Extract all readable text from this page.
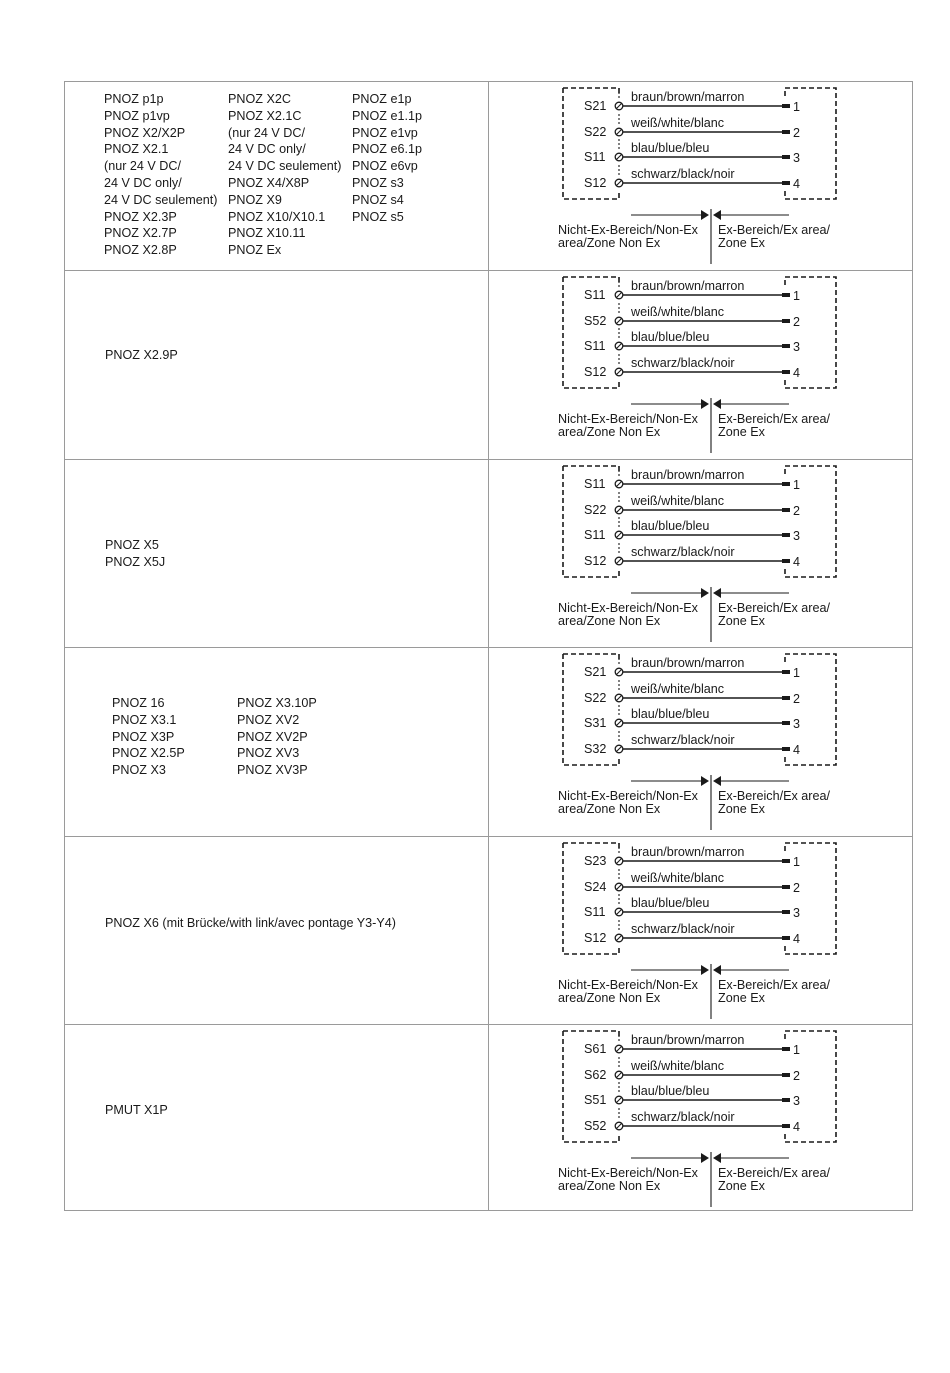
PNOZ p1p
PNOZ p1vp
PNOZ X2/X2P
PNOZ X2.1
(nur 24 V DC/
24 V DC only/
24 V DC seulement)
PNOZ X2.3P
PNOZ X2.7P
PNOZ X2.8P
PNOZ X2C
PNOZ X2.1C
(nur 24 V DC/
24 V DC only/
24 V DC seulement)
PNOZ X4/X8P
PNOZ X9
PNOZ X10/X10.1
PNOZ X10.11
PNOZ Ex
PNOZ e1p
PNOZ e1.1p
PNOZ e1vp
PNOZ e6.1p
PNOZ e6vp
PNOZ s3
PNOZ s4
PNOZ s5
S21
braun/brown/marron
1
S22
weiß/white/blanc
2
S11
blau/blue/bleu
3
S12
schwarz/black/noir
4
Nicht-Ex-Bereich/Non-Ex
area/Zone Non Ex
Ex-Bereich/Ex area/
Zone Ex
PNOZ X2.9P
S11
braun/brown/marron
1
S52
weiß/white/blanc
2
S11
blau/blue/bleu
3
S12
schwarz/black/noir
4
Nicht-Ex-Bereich/Non-Ex
area/Zone Non Ex
Ex-Bereich/Ex area/
Zone Ex
PNOZ X5
PNOZ X5J
S11
braun/brown/marron
1
S22
weiß/white/blanc
2
S11
blau/blue/bleu
3
S12
schwarz/black/noir
4
Nicht-Ex-Bereich/Non-Ex
area/Zone Non Ex
Ex-Bereich/Ex area/
Zone Ex
PNOZ 16
PNOZ X3.1
PNOZ X3P
PNOZ X2.5P
PNOZ X3
PNOZ X3.10P
PNOZ XV2
PNOZ XV2P
PNOZ XV3
PNOZ XV3P
S21
braun/brown/marron
1
S22
weiß/white/blanc
2
S31
blau/blue/bleu
3
S32
schwarz/black/noir
4
Nicht-Ex-Bereich/Non-Ex
area/Zone Non Ex
Ex-Bereich/Ex area/
Zone Ex
PNOZ X6 (mit Brücke/with link/avec pontage Y3-Y4)
S23
braun/brown/marron
1
S24
weiß/white/blanc
2
S11
blau/blue/bleu
3
S12
schwarz/black/noir
4
Nicht-Ex-Bereich/Non-Ex
area/Zone Non Ex
Ex-Bereich/Ex area/
Zone Ex
PMUT X1P
S61
braun/brown/marron
1
S62
weiß/white/blanc
2
S51
blau/blue/bleu
3
S52
schwarz/black/noir
4
Nicht-Ex-Bereich/Non-Ex
area/Zone Non Ex
Ex-Bereich/Ex area/
Zone Ex
